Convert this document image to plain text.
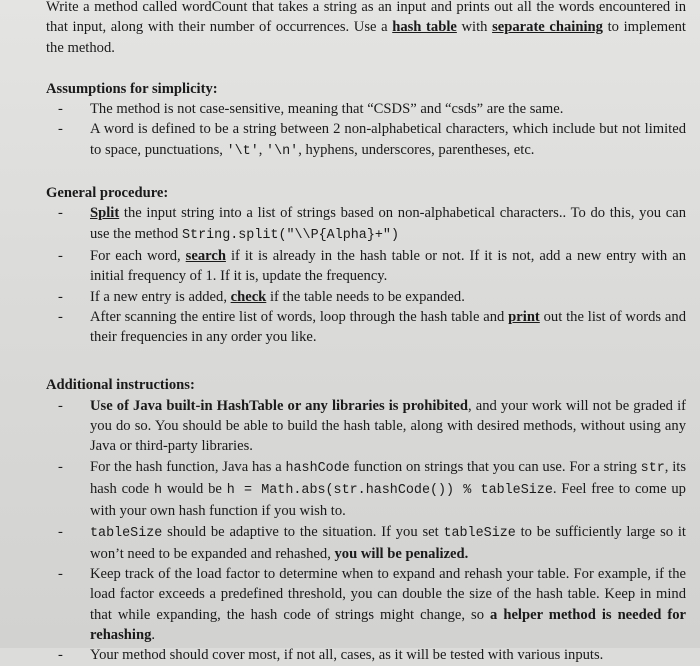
Write a method called wordCount that takes a string as an input and prints out all the words encountered in that input, along with their number of occurrences. Use a hash table with separate chaining to implement the method.

Assumptions for simplicity:

- The method is not case-sensitive, meaning that “CSDS” and “csds” are the same.
- A word is defined to be a string between 2 non-alphabetical characters, which include but not limited to space, punctuations, '\t', '\n', hyphens, underscores, parentheses, etc.

General procedure:

- Split the input string into a list of strings based on non-alphabetical characters.. To do this, you can use the method String.split("\\P{Alpha}+")
- For each word, search if it is already in the hash table or not. If it is not, add a new entry with an initial frequency of 1. If it is, update the frequency.
- If a new entry is added, check if the table needs to be expanded.
- After scanning the entire list of words, loop through the hash table and print out the list of words and their frequencies in any order you like.

Additional instructions:

- Use of Java built-in HashTable or any libraries is prohibited, and your work will not be graded if you do so. You should be able to build the hash table, along with desired methods, without using any Java or third-party libraries.
- For the hash function, Java has a hashCode function on strings that you can use. For a string str, its hash code h would be h = Math.abs(str.hashCode()) % tableSize. Feel free to come up with your own hash function if you wish to.
- tableSize should be adaptive to the situation. If you set tableSize to be sufficiently large so it won’t need to be expanded and rehashed, you will be penalized.
- Keep track of the load factor to determine when to expand and rehash your table. For example, if the load factor exceeds a predefined threshold, you can double the size of the hash table. Keep in mind that while expanding, the hash code of strings might change, so a helper method is needed for rehashing.
- Your method should cover most, if not all, cases, as it will be tested with various inputs.
